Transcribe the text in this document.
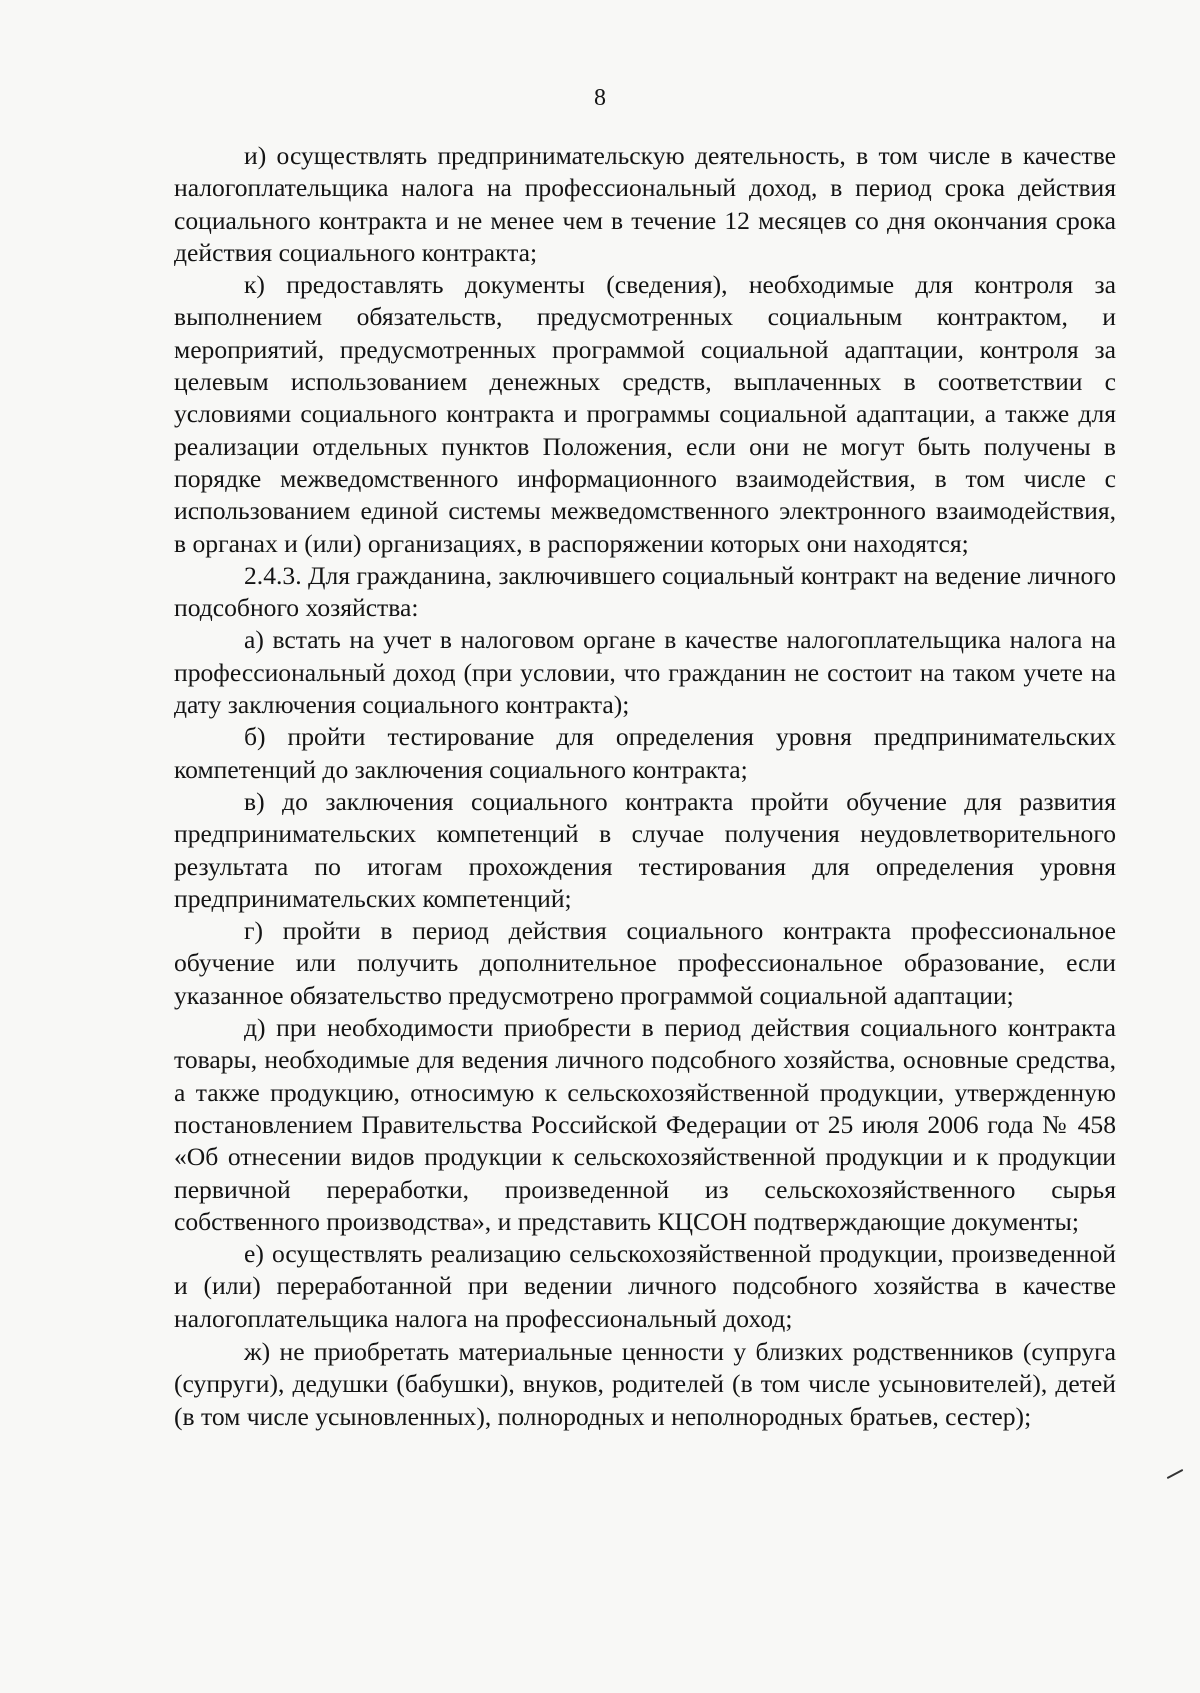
8

и) осуществлять предпринимательскую деятельность, в том числе в качестве налогоплательщика налога на профессиональный доход, в период срока действия социального контракта и не менее чем в течение 12 месяцев со дня окончания срока действия социального контракта;

к) предоставлять документы (сведения), необходимые для контроля за выполнением обязательств, предусмотренных социальным контрактом, и мероприятий, предусмотренных программой социальной адаптации, контроля за целевым использованием денежных средств, выплаченных в соответствии с условиями социального контракта и программы социальной адаптации, а также для реализации отдельных пунктов Положения, если они не могут быть получены в порядке межведомственного информационного взаимодействия, в том числе с использованием единой системы межведомственного электронного взаимодействия, в органах и (или) организациях, в распоряжении которых они находятся;

2.4.3. Для гражданина, заключившего социальный контракт на ведение личного подсобного хозяйства:

а) встать на учет в налоговом органе в качестве налогоплательщика налога на профессиональный доход (при условии, что гражданин не состоит на таком учете на дату заключения социального контракта);

б) пройти тестирование для определения уровня предпринимательских компетенций до заключения социального контракта;

в) до заключения социального контракта пройти обучение для развития предпринимательских компетенций в случае получения неудовлетворительного результата по итогам прохождения тестирования для определения уровня предпринимательских компетенций;

г) пройти в период действия социального контракта профессиональное обучение или получить дополнительное профессиональное образование, если указанное обязательство предусмотрено программой социальной адаптации;

д) при необходимости приобрести в период действия социального контракта товары, необходимые для ведения личного подсобного хозяйства, основные средства, а также продукцию, относимую к сельскохозяйственной продукции, утвержденную постановлением Правительства Российской Федерации от 25 июля 2006 года № 458 «Об отнесении видов продукции к сельскохозяйственной продукции и к продукции первичной переработки, произведенной из сельскохозяйственного сырья собственного производства», и представить КЦСОН подтверждающие документы;

е) осуществлять реализацию сельскохозяйственной продукции, произведенной и (или) переработанной при ведении личного подсобного хозяйства в качестве налогоплательщика налога на профессиональный доход;

ж) не приобретать материальные ценности у близких родственников (супруга (супруги), дедушки (бабушки), внуков, родителей (в том числе усыновителей), детей (в том числе усыновленных), полнородных и неполнородных братьев, сестер);
